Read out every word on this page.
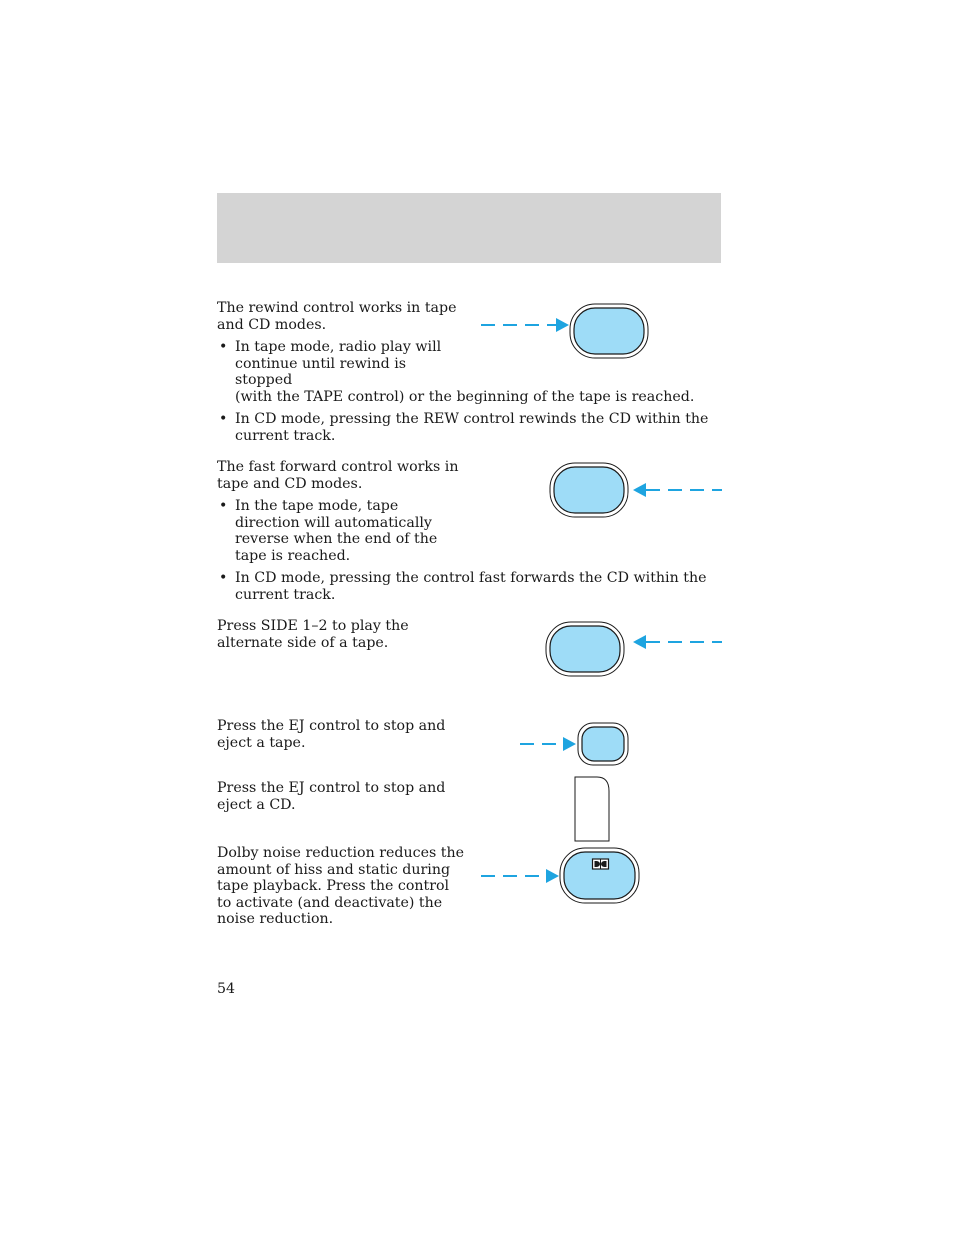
The rewind control works in tape and CD modes.

• In tape mode, radio play will continue until rewind is stopped
(with the TAPE control) or the beginning of the tape is reached.
• In CD mode, pressing the REW control rewinds the CD within the current track.

The fast forward control works in tape and CD modes.

• In the tape mode, tape direction will automatically reverse when the end of the tape is reached.
• In CD mode, pressing the control fast forwards the CD within the current track.

Press SIDE 1–2 to play the alternate side of a tape.

Press the EJ control to stop and eject a tape.

Press the EJ control to stop and eject a CD.

Dolby noise reduction reduces the amount of hiss and static during tape playback. Press the control to activate (and deactivate) the noise reduction.

54
